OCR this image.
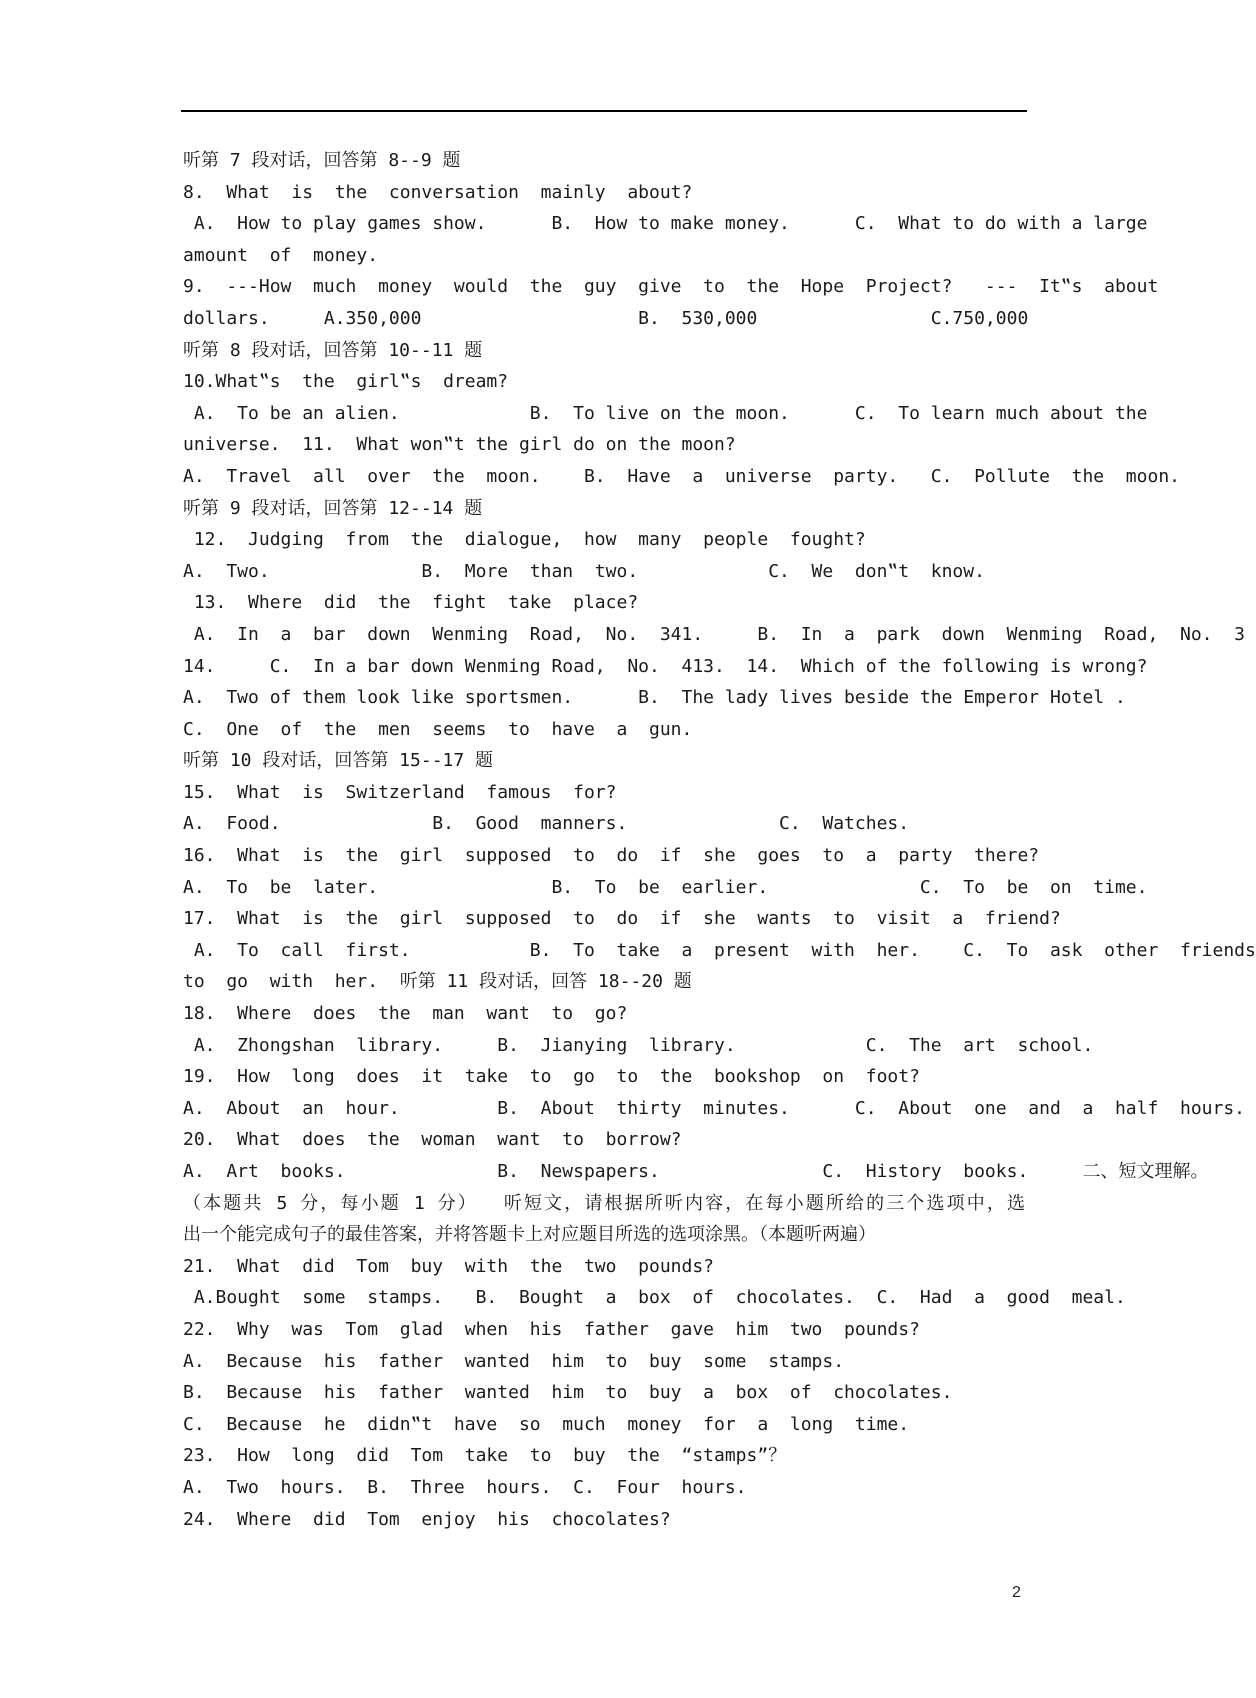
听第 7 段对话，回答第 8--9 题
8.  What  is  the  conversation  mainly  about?
A.  How to play games show.      B.  How to make money.      C.  What to do with a large
amount  of  money.
9.  ---How  much  money  would  the  guy  give  to  the  Hope  Project?   ---  It‟s  about
dollars.     A.350,000                    B.  530,000                C.750,000
听第 8 段对话，回答第 10--11 题
10.What‟s  the  girl‟s  dream?
A.  To be an alien.            B.  To live on the moon.      C.  To learn much about the
universe.  11.  What won‟t the girl do on the moon?
A.  Travel  all  over  the  moon.    B.  Have  a  universe  party.   C.  Pollute  the  moon.
听第 9 段对话，回答第 12--14 题
12.  Judging  from  the  dialogue,  how  many  people  fought?
A.  Two.              B.  More  than  two.            C.  We  don‟t  know.
13.  Where  did  the  fight  take  place?
A.  In  a  bar  down  Wenming  Road,  No.  341.     B.  In  a  park  down  Wenming  Road,  No.  3
14.     C.  In a bar down Wenming Road,  No.  413.  14.  Which of the following is wrong?
A.  Two of them look like sportsmen.      B.  The lady lives beside the Emperor Hotel .
C.  One  of  the  men  seems  to  have  a  gun.
听第 10 段对话，回答第 15--17 题
15.  What  is  Switzerland  famous  for?
A.  Food.              B.  Good  manners.              C.  Watches.
16.  What  is  the  girl  supposed  to  do  if  she  goes  to  a  party  there?
A.  To  be  later.                B.  To  be  earlier.              C.  To  be  on  time.
17.  What  is  the  girl  supposed  to  do  if  she  wants  to  visit  a  friend?
A.  To  call  first.           B.  To  take  a  present  with  her.    C.  To  ask  other  friends
to  go  with  her.  听第 11 段对话，回答 18--20 题
18.  Where  does  the  man  want  to  go?
A.  Zhongshan  library.     B.  Jianying  library.            C.  The  art  school.
19.  How  long  does  it  take  to  go  to  the  bookshop  on  foot?
A.  About  an  hour.         B.  About  thirty  minutes.      C.  About  one  and  a  half  hours.
20.  What  does  the  woman  want  to  borrow?
A.  Art  books.              B.  Newspapers.               C.  History  books.     二、短文理解。
（本题共 5 分，每小题 1 分）  听短文，请根据所听内容，在每小题所给的三个选项中，选
出一个能完成句子的最佳答案，并将答题卡上对应题目所选的选项涂黑。（本题听两遍）
21.  What  did  Tom  buy  with  the  two  pounds?
A.Bought  some  stamps.   B.  Bought  a  box  of  chocolates.  C.  Had  a  good  meal.
22.  Why  was  Tom  glad  when  his  father  gave  him  two  pounds?
A.  Because  his  father  wanted  him  to  buy  some  stamps.
B.  Because  his  father  wanted  him  to  buy  a  box  of  chocolates.
C.  Because  he  didn‟t  have  so  much  money  for  a  long  time.
23.  How  long  did  Tom  take  to  buy  the  “stamps”？
A.  Two  hours.  B.  Three  hours.  C.  Four  hours.
24.  Where  did  Tom  enjoy  his  chocolates?
2
